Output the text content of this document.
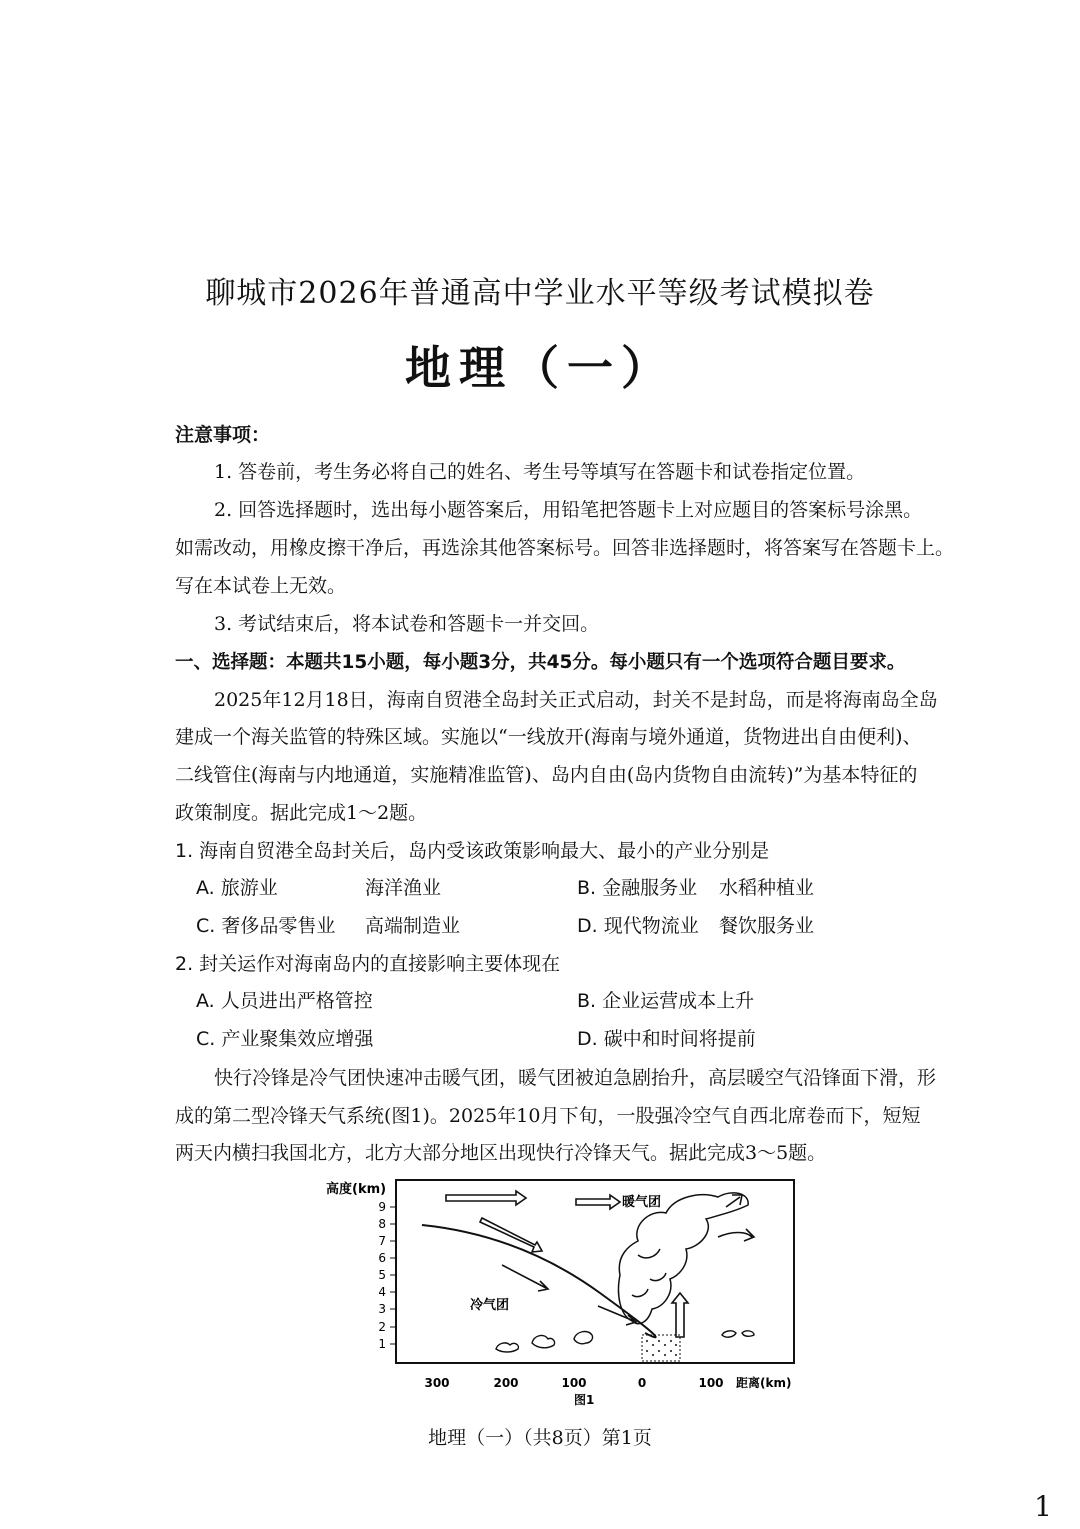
聊城市2026年普通高中学业水平等级考试模拟卷
地理（一）
注意事项：
1. 答卷前，考生务必将自己的姓名、考生号等填写在答题卡和试卷指定位置。
2. 回答选择题时，选出每小题答案后，用铅笔把答题卡上对应题目的答案标号涂黑。
如需改动，用橡皮擦干净后，再选涂其他答案标号。回答非选择题时，将答案写在答题卡上。
写在本试卷上无效。
3. 考试结束后，将本试卷和答题卡一并交回。
一、选择题：本题共15小题，每小题3分，共45分。每小题只有一个选项符合题目要求。
2025年12月18日，海南自贸港全岛封关正式启动，封关不是封岛，而是将海南岛全岛
建成一个海关监管的特殊区域。实施以“一线放开(海南与境外通道，货物进出自由便利)、
二线管住(海南与内地通道，实施精准监管)、岛内自由(岛内货物自由流转)”为基本特征的
政策制度。据此完成1～2题。
1. 海南自贸港全岛封关后，岛内受该政策影响最大、最小的产业分别是
A. 旅游业	海洋渔业	B. 金融服务业 水稻种植业
C. 奢侈品零售业 高端制造业	D. 现代物流业 餐饮服务业
2. 封关运作对海南岛内的直接影响主要体现在
A. 人员进出严格管控	B. 企业运营成本上升
C. 产业聚集效应增强	D. 碳中和时间将提前
快行冷锋是冷气团快速冲击暖气团，暖气团被迫急剧抬升，高层暖空气沿锋面下滑，形
成的第二型冷锋天气系统(图1)。2025年10月下旬，一股强冷空气自西北席卷而下，短短
两天内横扫我国北方，北方大部分地区出现快行冷锋天气。据此完成3～5题。
高度(km)
9
8
7
6
5
4
3
2
1
300	200	100	0	100 距离(km)
图1
暖气团
冷气团
地理（一）（共8页）第1页
1
